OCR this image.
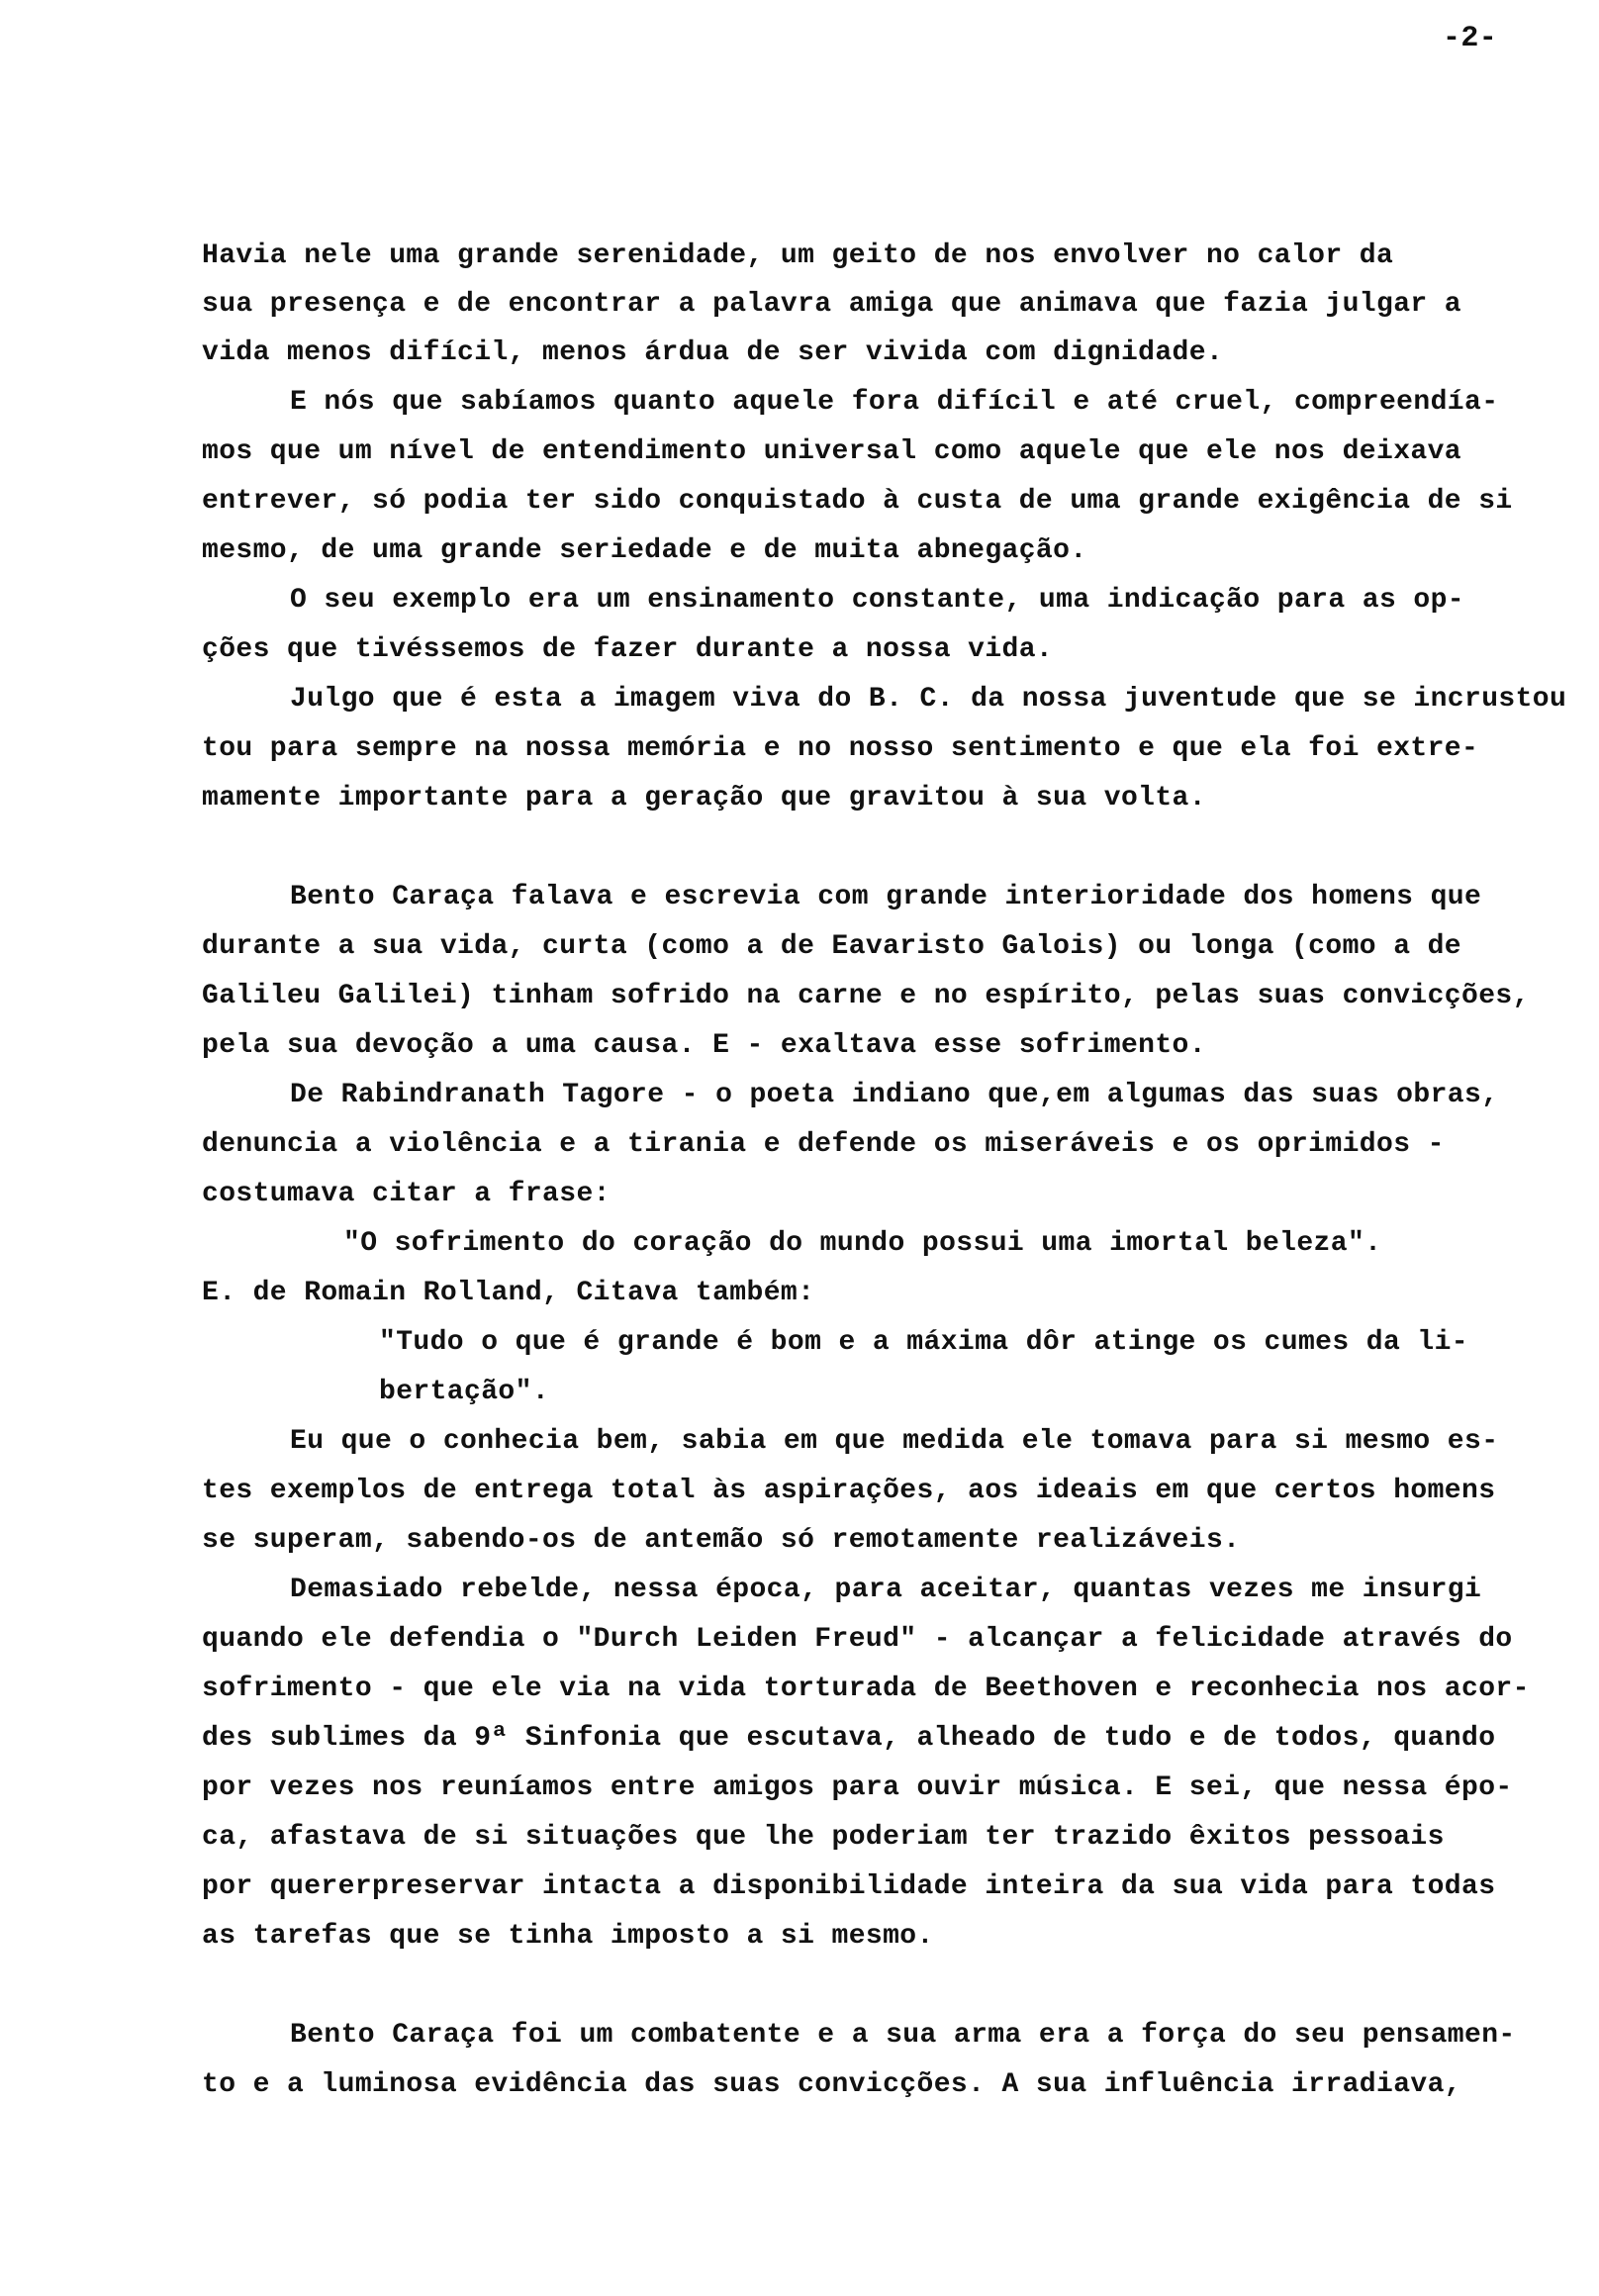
-2-
Havia nele uma grande serenidade, um geito de nos envolver no calor da
sua presença e de encontrar a palavra amiga que animava que fazia julgar a
vida menos difícil, menos árdua de ser vivida com dignidade.
E nós que sabíamos quanto aquele fora difícil e até cruel, compreendía-
mos que um nível de entendimento universal como aquele que ele nos deixava
entrever, só podia ter sido conquistado à custa de uma grande exigência de si
mesmo, de uma grande seriedade e de muita abnegação.
O seu exemplo era um ensinamento constante, uma indicação para as op-
ções que tivéssemos de fazer durante a nossa vida.
Julgo que é esta a imagem viva do B. C. da nossa juventude que se incrustou
tou para sempre na nossa memória e no nosso sentimento e que ela foi extre-
mamente importante para a geração que gravitou à sua volta.
Bento Caraça falava e escrevia com grande interioridade dos homens que
durante a sua vida, curta (como a de Eavaristo Galois) ou longa (como a de
Galileu Galilei) tinham sofrido na carne e no espírito, pelas suas convicções,
pela sua devoção a uma causa. E - exaltava esse sofrimento.
De Rabindranath Tagore - o poeta indiano que,em algumas das suas obras,
denuncia a violência e a tirania e defende os miseráveis e os oprimidos -
costumava citar a frase:
"O sofrimento do coração do mundo possui uma imortal beleza".
E. de Romain Rolland, Citava também:
"Tudo o que é grande é bom e a máxima dôr atinge os cumes da li-
bertação".
Eu que o conhecia bem, sabia em que medida ele tomava para si mesmo es-
tes exemplos de entrega total às aspirações, aos ideais em que certos homens
se superam, sabendo-os de antemão só remotamente realizáveis.
Demasiado rebelde, nessa época, para aceitar, quantas vezes me insurgi
quando ele defendia o "Durch Leiden Freud" - alcançar a felicidade através do
sofrimento - que ele via na vida torturada de Beethoven e reconhecia nos acor-
des sublimes da 9ª Sinfonia que escutava, alheado de tudo e de todos, quando
por vezes nos reuníamos entre amigos para ouvir música. E sei, que nessa épo-
ca, afastava de si situações que lhe poderiam ter trazido êxitos pessoais
por quererpreservar intacta a disponibilidade inteira da sua vida para todas
as tarefas que se tinha imposto a si mesmo.
Bento Caraça foi um combatente e a sua arma era a força do seu pensamen-
to e a luminosa evidência das suas convicções. A sua influência irradiava,
